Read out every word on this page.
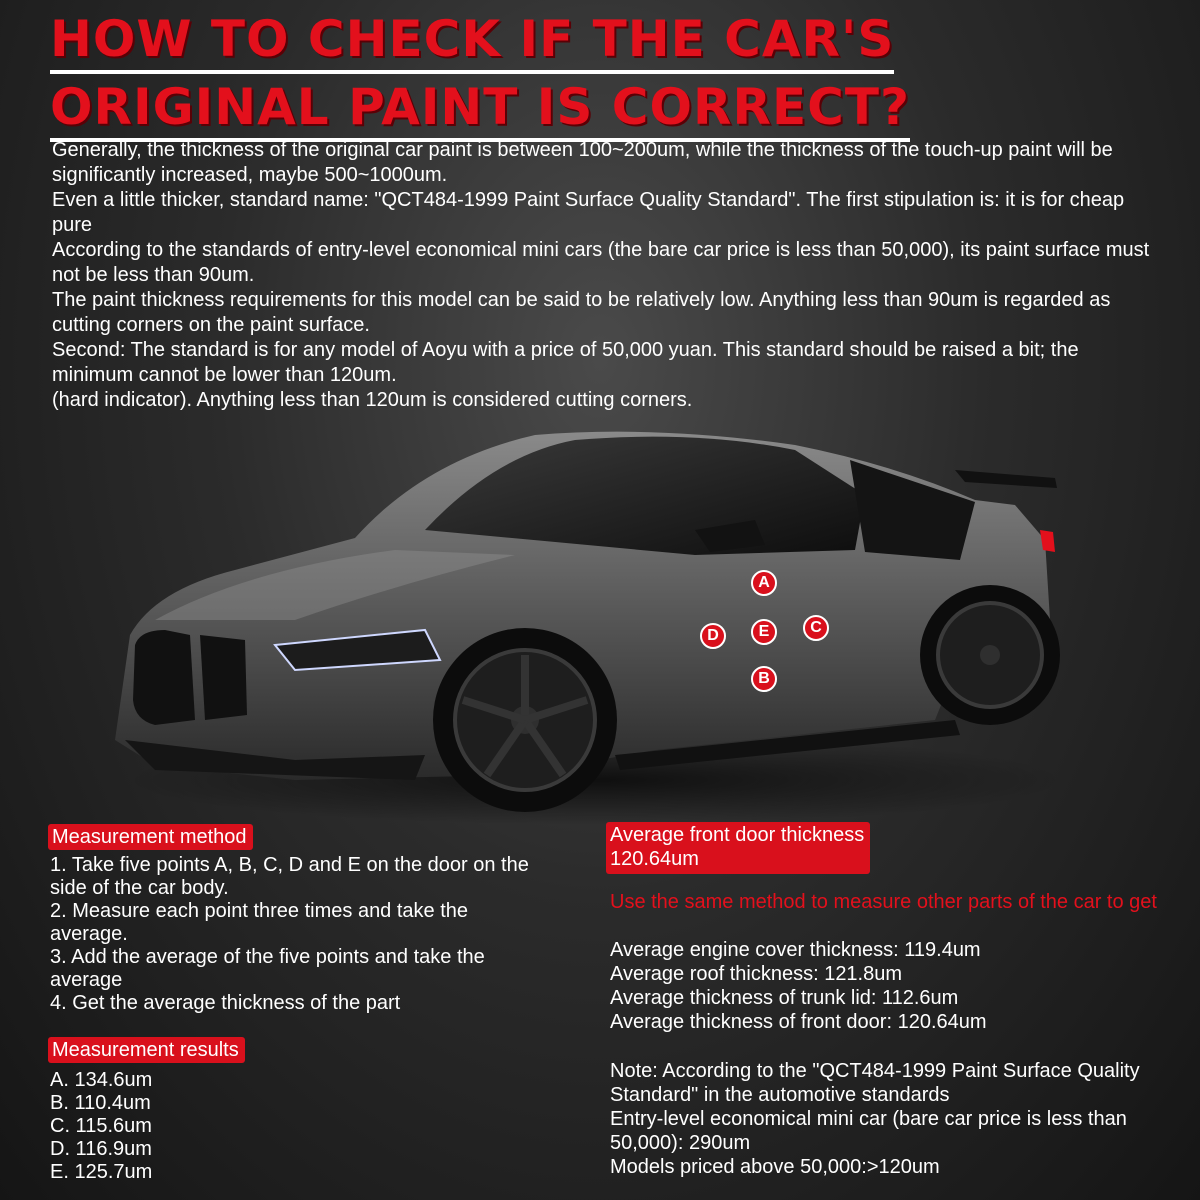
HOW TO CHECK IF THE CAR'S
ORIGINAL PAINT IS CORRECT?

Generally, the thickness of the original car paint is between 100~200um, while the thickness of the touch-up paint will be significantly increased, maybe 500~1000um.

Even a little thicker, standard name: "QCT484-1999 Paint Surface Quality Standard". The first stipulation is: it is for cheap pure

According to the standards of entry-level economical mini cars (the bare car price is less than 50,000), its paint surface must not be less than 90um.

The paint thickness requirements for this model can be said to be relatively low. Anything less than 90um is regarded as cutting corners on the paint surface.

Second: The standard is for any model of Aoyu with a price of 50,000 yuan. This standard should be raised a bit; the minimum cannot be lower than 120um.

(hard indicator). Anything less than 120um is considered cutting corners.

A
D	E	C
B
Measurement method
1. Take five points A, B, C, D and E on the door on the side of the car body.
2. Measure each point three times and take the average.
3. Add the average of the five points and take the average
4. Get the average thickness of the part
Measurement results
A. 134.6um
B. 110.4um
C. 115.6um
D. 116.9um
E. 125.7um
Average front door thickness
120.64um
Use the same method to measure other parts of the car to get
Average engine cover thickness: 119.4um
Average roof thickness: 121.8um
Average thickness of trunk lid: 112.6um
Average thickness of front door: 120.64um
Note: According to the "QCT484-1999 Paint Surface Quality Standard" in the automotive standards
Entry-level economical mini car (bare car price is less than 50,000): 290um
Models priced above 50,000:>120um
